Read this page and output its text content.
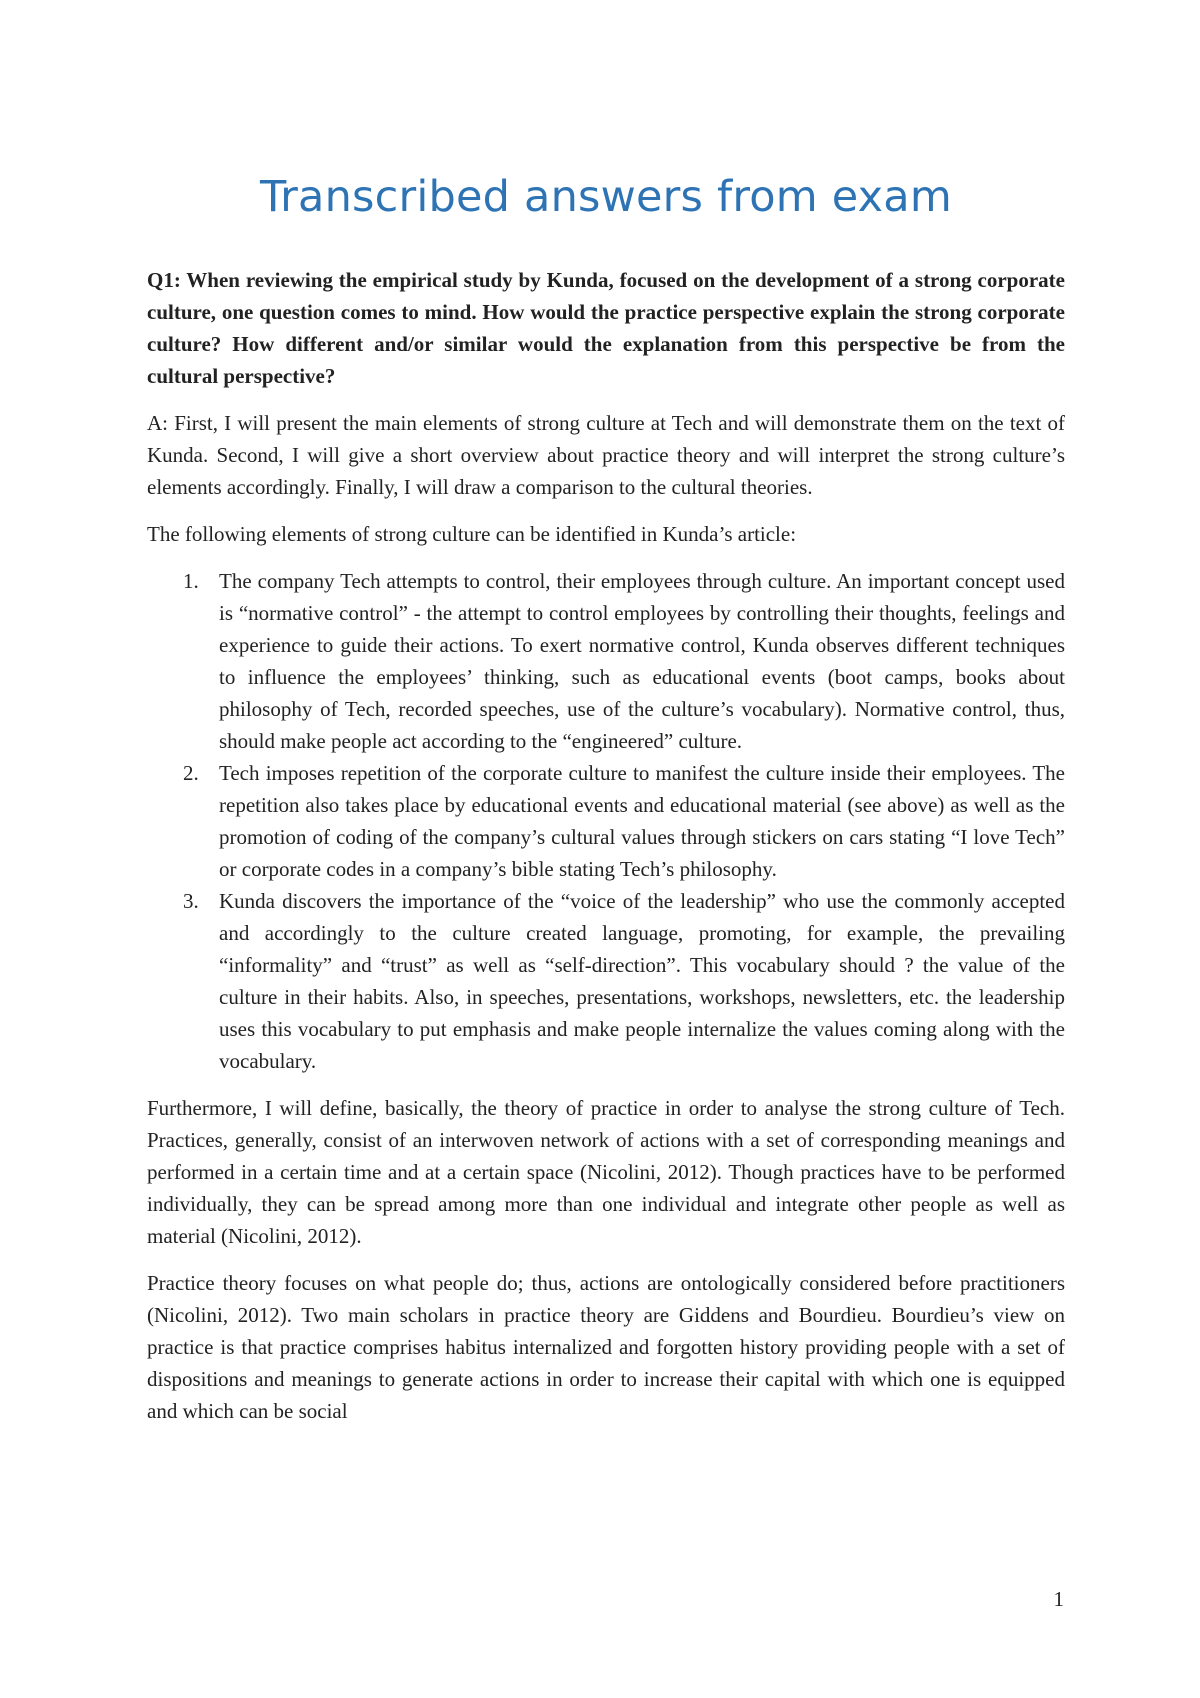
Transcribed answers from exam

Q1: When reviewing the empirical study by Kunda, focused on the development of a strong corporate culture, one question comes to mind. How would the practice perspective explain the strong corporate culture? How different and/or similar would the explanation from this perspective be from the cultural perspective?

A: First, I will present the main elements of strong culture at Tech and will demonstrate them on the text of Kunda. Second, I will give a short overview about practice theory and will interpret the strong culture’s elements accordingly. Finally, I will draw a comparison to the cultural theories.

The following elements of strong culture can be identified in Kunda’s article:

1. The company Tech attempts to control, their employees through culture. An important concept used is “normative control” - the attempt to control employees by controlling their thoughts, feelings and experience to guide their actions. To exert normative control, Kunda observes different techniques to influence the employees’ thinking, such as educational events (boot camps, books about philosophy of Tech, recorded speeches, use of the culture’s vocabulary). Normative control, thus, should make people act according to the “engineered” culture.
2. Tech imposes repetition of the corporate culture to manifest the culture inside their employees. The repetition also takes place by educational events and educational material (see above) as well as the promotion of coding of the company’s cultural values through stickers on cars stating “I love Tech” or corporate codes in a company’s bible stating Tech’s philosophy.
3. Kunda discovers the importance of the “voice of the leadership” who use the commonly accepted and accordingly to the culture created language, promoting, for example, the prevailing “informality” and “trust” as well as “self-direction”. This vocabulary should ? the value of the culture in their habits. Also, in speeches, presentations, workshops, newsletters, etc. the leadership uses this vocabulary to put emphasis and make people internalize the values coming along with the vocabulary.

Furthermore, I will define, basically, the theory of practice in order to analyse the strong culture of Tech. Practices, generally, consist of an interwoven network of actions with a set of corresponding meanings and performed in a certain time and at a certain space (Nicolini, 2012). Though practices have to be performed individually, they can be spread among more than one individual and integrate other people as well as material (Nicolini, 2012).

Practice theory focuses on what people do; thus, actions are ontologically considered before practitioners (Nicolini, 2012). Two main scholars in practice theory are Giddens and Bourdieu. Bourdieu’s view on practice is that practice comprises habitus internalized and forgotten history providing people with a set of dispositions and meanings to generate actions in order to increase their capital with which one is equipped and which can be social

1
